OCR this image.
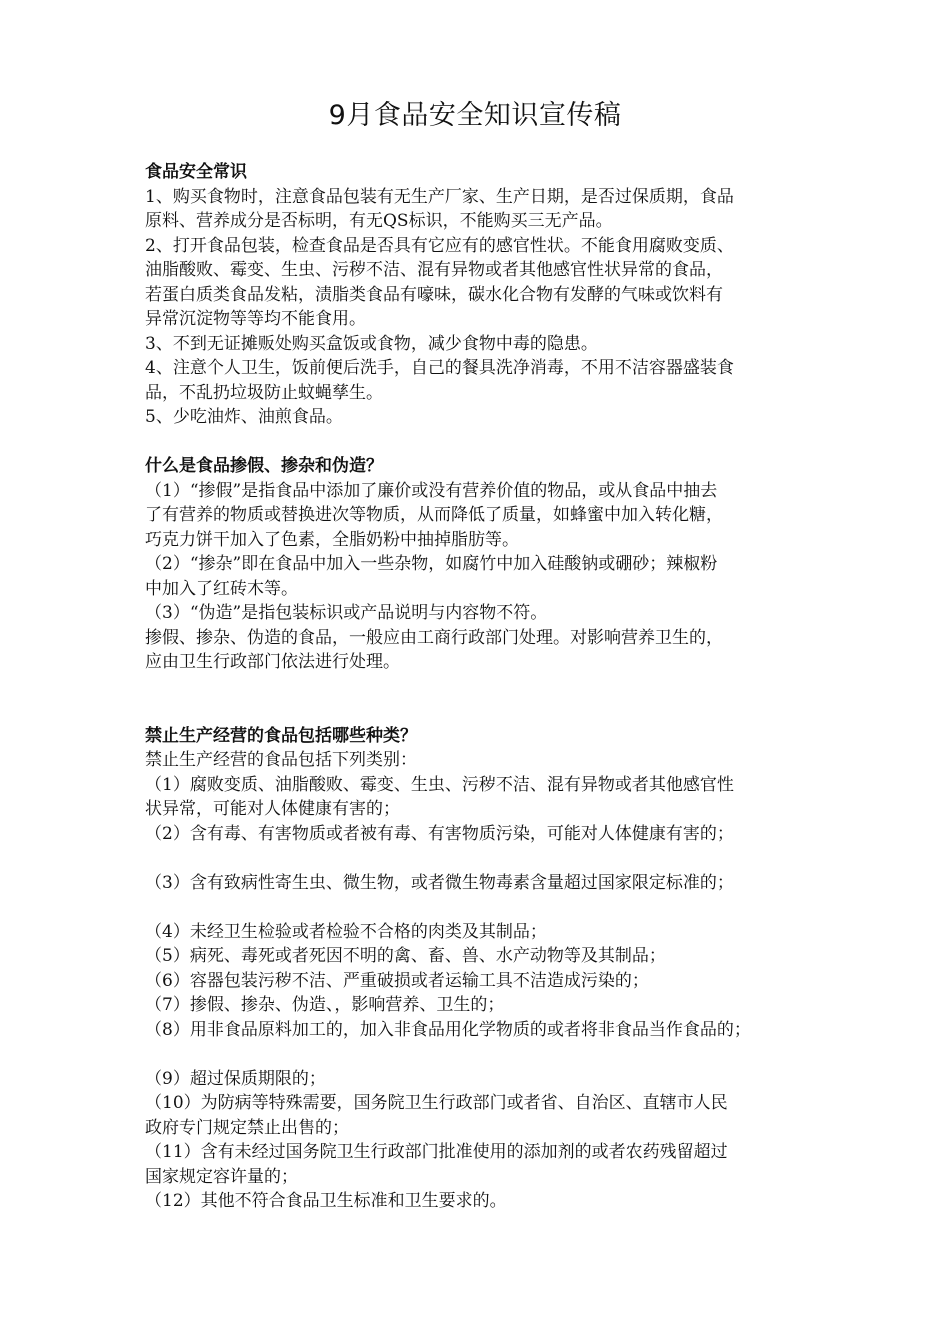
9月食品安全知识宣传稿
食品安全常识

1、购买食物时，注意食品包装有无生产厂家、生产日期，是否过保质期，食品

原料、营养成分是否标明，有无QS标识，不能购买三无产品。

2、打开食品包装，检查食品是否具有它应有的感官性状。不能食用腐败变质、

油脂酸败、霉变、生虫、污秽不洁、混有异物或者其他感官性状异常的食品，

若蛋白质类食品发粘，渍脂类食品有嚎味，碳水化合物有发酵的气味或饮料有

异常沉淀物等等均不能食用。

3、不到无证摊贩处购买盒饭或食物，减少食物中毒的隐患。

4、注意个人卫生，饭前便后洗手，自己的餐具洗净消毒，不用不洁容器盛装食

品，不乱扔垃圾防止蚊蝇孳生。

5、少吃油炸、油煎食品。

什么是食品掺假、掺杂和伪造？

（1）“掺假”是指食品中添加了廉价或没有营养价值的物品，或从食品中抽去

了有营养的物质或替换进次等物质，从而降低了质量，如蜂蜜中加入转化糖，

巧克力饼干加入了色素，全脂奶粉中抽掉脂肪等。

（2）“掺杂”即在食品中加入一些杂物，如腐竹中加入硅酸钠或硼砂；辣椒粉

中加入了红砖木等。

（3）“伪造”是指包装标识或产品说明与内容物不符。

掺假、掺杂、伪造的食品，一般应由工商行政部门处理。对影响营养卫生的，

应由卫生行政部门依法进行处理。

禁止生产经营的食品包括哪些种类？

禁止生产经营的食品包括下列类别：

（1）腐败变质、油脂酸败、霉变、生虫、污秽不洁、混有异物或者其他感官性

状异常，可能对人体健康有害的；

（2）含有毒、有害物质或者被有毒、有害物质污染，可能对人体健康有害的；

（3）含有致病性寄生虫、微生物，或者微生物毒素含量超过国家限定标准的；

（4）未经卫生检验或者检验不合格的肉类及其制品；

（5）病死、毒死或者死因不明的禽、畜、兽、水产动物等及其制品；

（6）容器包装污秽不洁、严重破损或者运输工具不洁造成污染的；

（7）掺假、掺杂、伪造、，影响营养、卫生的；

（8）用非食品原料加工的，加入非食品用化学物质的或者将非食品当作食品的；

（9）超过保质期限的；

（10）为防病等特殊需要，国务院卫生行政部门或者省、自治区、直辖市人民

政府专门规定禁止出售的；

（11）含有未经过国务院卫生行政部门批准使用的添加剂的或者农药残留超过

国家规定容许量的；

（12）其他不符合食品卫生标准和卫生要求的。
